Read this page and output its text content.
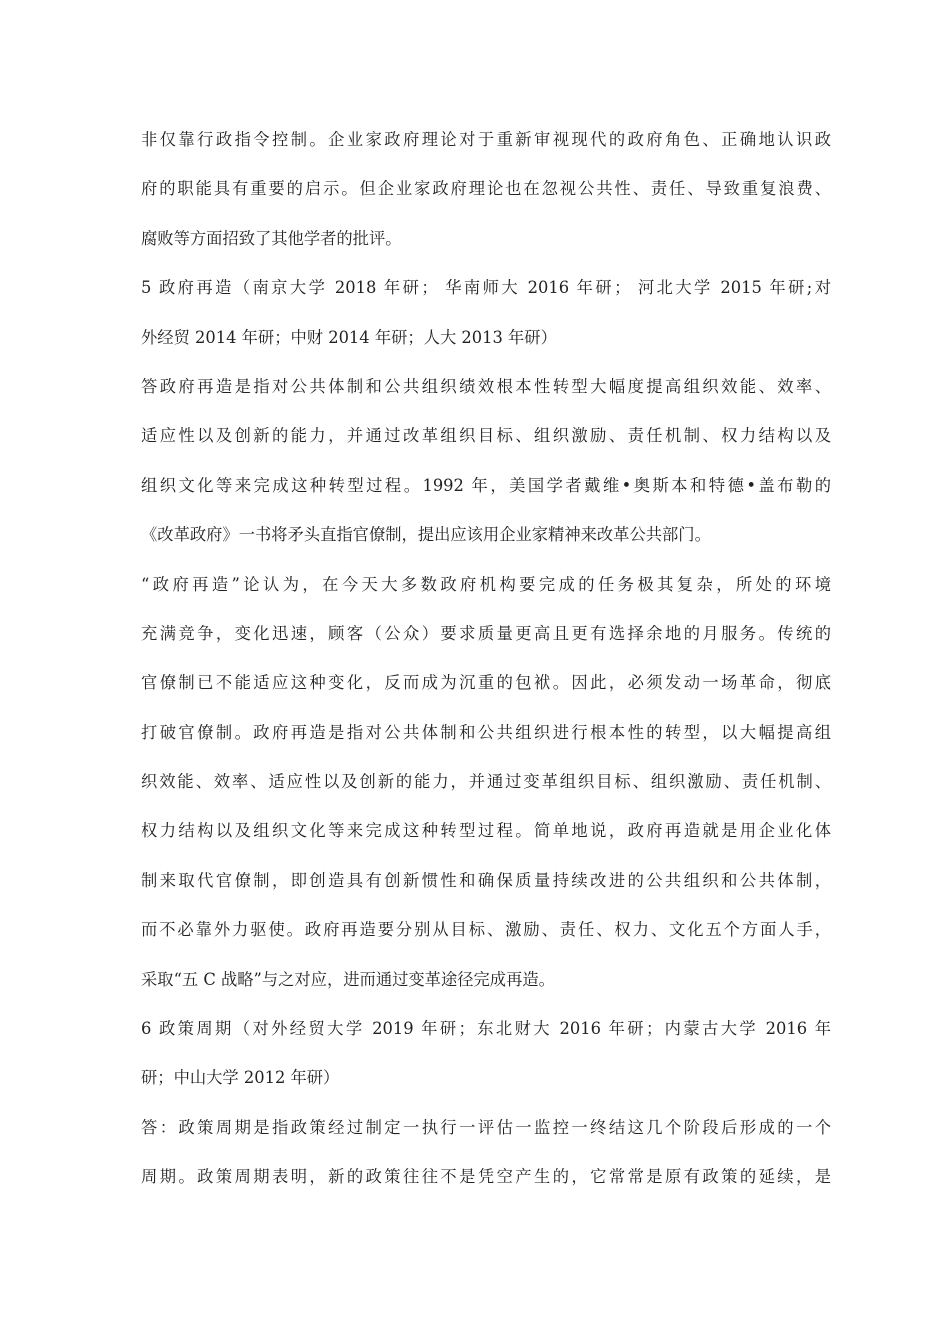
非仅靠行政指令控制。企业家政府理论对于重新审视现代的政府角色、正确地认识政
府的职能具有重要的启示。但企业家政府理论也在忽视公共性、责任、导致重复浪费、
腐败等方面招致了其他学者的批评。
5 政府再造（南京大学 2018 年研； 华南师大 2016 年研； 河北大学 2015 年研;对
外经贸 2014 年研；中财 2014 年研；人大 2013 年研）
答政府再造是指对公共体制和公共组织绩效根本性转型大幅度提高组织效能、效率、
适应性以及创新的能力，并通过改革组织目标、组织激励、责任机制、权力结构以及
组织文化等来完成这种转型过程。1992 年，美国学者戴维•奥斯本和特德•盖布勒的
《改革政府》一书将矛头直指官僚制，提出应该用企业家精神来改革公共部门。
“政府再造”论认为，在今天大多数政府机构要完成的任务极其复杂，所处的环境
充满竞争，变化迅速，顾客（公众）要求质量更高且更有选择余地的月服务。传统的
官僚制已不能适应这种变化，反而成为沉重的包袱。因此，必须发动一场革命，彻底
打破官僚制。政府再造是指对公共体制和公共组织进行根本性的转型，以大幅提高组
织效能、效率、适应性以及创新的能力，并通过变革组织目标、组织激励、责任机制、
权力结构以及组织文化等来完成这种转型过程。简单地说，政府再造就是用企业化体
制来取代官僚制，即创造具有创新惯性和确保质量持续改进的公共组织和公共体制，
而不必靠外力驱使。政府再造要分别从目标、激励、责任、权力、文化五个方面人手，
采取“五 C 战略”与之对应，进而通过变革途径完成再造。
6 政策周期（对外经贸大学 2019 年研；东北财大 2016 年研；内蒙古大学 2016 年
研；中山大学 2012 年研）
答：政策周期是指政策经过制定一执行一评估一监控一终结这几个阶段后形成的一个
周期。政策周期表明，新的政策往往不是凭空产生的，它常常是原有政策的延续，是
